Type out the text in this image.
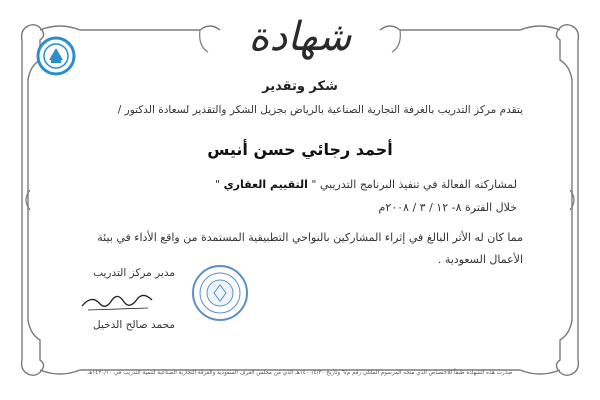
شهادة
شكر وتقدير
يتقدم مركز التدريب بالغرفة التجارية الصناعية بالرياض بجزيل الشكر والتقدير لسعادة الدكتور /
أحمد رجائي حسن أنيس
لمشاركته الفعالة في تنفيذ البرنامج التدريبي " التقييم العقاري "
خلال الفترة ٨- ١٢ / ٣ / ٢٠٠٨م
مما كان له الأثر البالغ في إثراء المشاركين بالنواحي التطبيقية المستمدة من واقع الأداء في بيئة الأعمال السعودية .
مدير مركز التدريب
محمد صالح الدخيل
صدرت هذه الشهادة طبقاً للاختصاص الذي منحه المرسوم الملكي رقم م/٦ وتاريخ ١٤٠٠/٤/٣٠هـ الذي من مجلس الغرف السعودية والغرفة التجارية الصناعية لتنمية التدريب في ١٤٢٠/١٠هـ
